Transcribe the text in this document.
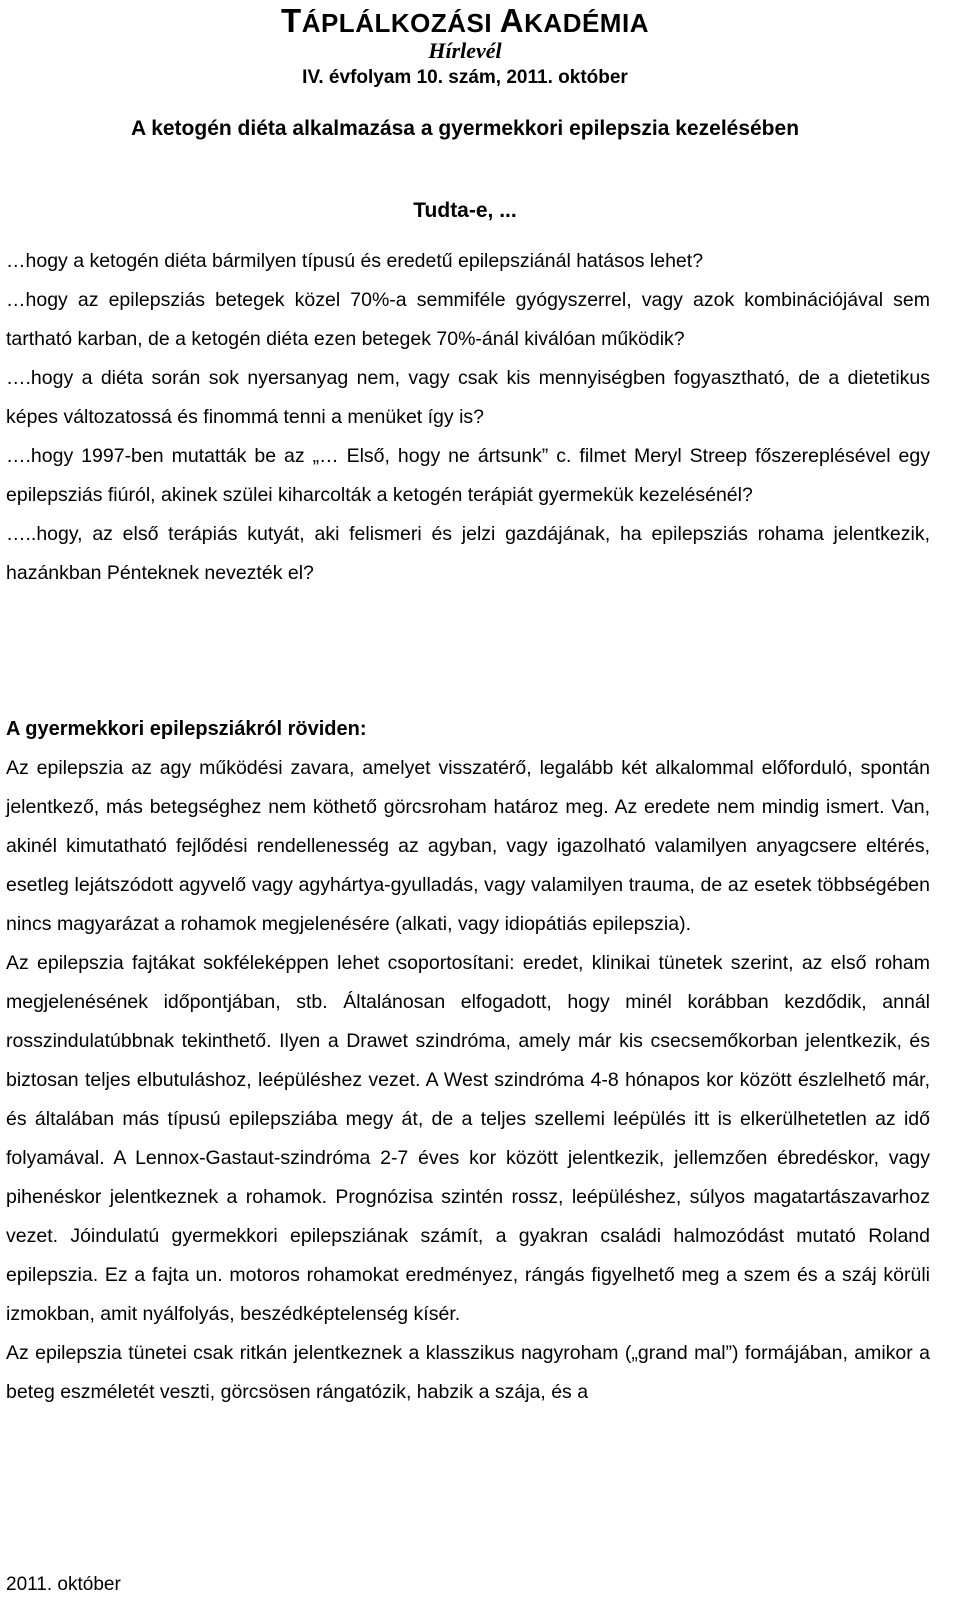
TÁPLÁLKOZÁSI AKADÉMIA
Hírlevél
IV. évfolyam 10. szám, 2011. október
A ketogén diéta alkalmazása a gyermekkori epilepszia kezelésében
Tudta-e, ...

…hogy a ketogén diéta bármilyen típusú és eredetű epilepsziánál hatásos lehet?

…hogy az epilepsziás betegek közel 70%-a semmiféle gyógyszerrel, vagy azok kombinációjával sem tartható karban, de a ketogén diéta ezen betegek 70%-ánál kiválóan működik?

….hogy a diéta során sok nyersanyag nem, vagy csak kis mennyiségben fogyasztható, de a dietetikus képes változatossá és finommá tenni a menüket így is?

….hogy 1997-ben mutatták be az „… Első, hogy ne ártsunk” c. filmet Meryl Streep főszereplésével egy epilepsziás fiúról, akinek szülei kiharcolták a ketogén terápiát gyermekük kezelésénél?

…..hogy, az első terápiás kutyát, aki felismeri és jelzi gazdájának, ha epilepsziás rohama jelentkezik, hazánkban Pénteknek nevezték el?

A gyermekkori epilepsziákról röviden:

Az epilepszia az agy működési zavara, amelyet visszatérő, legalább két alkalommal előforduló, spontán jelentkező, más betegséghez nem köthető görcsroham határoz meg. Az eredete nem mindig ismert. Van, akinél kimutatható fejlődési rendellenesség az agyban, vagy igazolható valamilyen anyagcsere eltérés, esetleg lejátszódott agyvelő vagy agyhártya-gyulladás, vagy valamilyen trauma, de az esetek többségében nincs magyarázat a rohamok megjelenésére (alkati, vagy idiopátiás epilepszia).

Az epilepszia fajtákat sokféleképpen lehet csoportosítani: eredet, klinikai tünetek szerint, az első roham megjelenésének időpontjában, stb. Általánosan elfogadott, hogy minél korábban kezdődik, annál rosszindulatúbbnak tekinthető. Ilyen a Drawet szindróma, amely már kis csecsemőkorban jelentkezik, és biztosan teljes elbutuláshoz, leépüléshez vezet. A West szindróma 4-8 hónapos kor között észlelhető már, és általában más típusú epilepsziába megy át, de a teljes szellemi leépülés itt is elkerülhetetlen az idő folyamával. A Lennox-Gastaut-szindróma 2-7 éves kor között jelentkezik, jellemzően ébredéskor, vagy pihenéskor jelentkeznek a rohamok. Prognózisa szintén rossz, leépüléshez, súlyos magatartászavarhoz vezet. Jóindulatú gyermekkori epilepsziának számít, a gyakran családi halmozódást mutató Roland epilepszia. Ez a fajta un. motoros rohamokat eredményez, rángás figyelhető meg a szem és a száj körüli izmokban, amit nyálfolyás, beszédképtelenség kísér.

Az epilepszia tünetei csak ritkán jelentkeznek a klasszikus nagyroham („grand mal”) formájában, amikor a beteg eszméletét veszti, görcsösen rángatózik, habzik a szája, és a

2011. október
